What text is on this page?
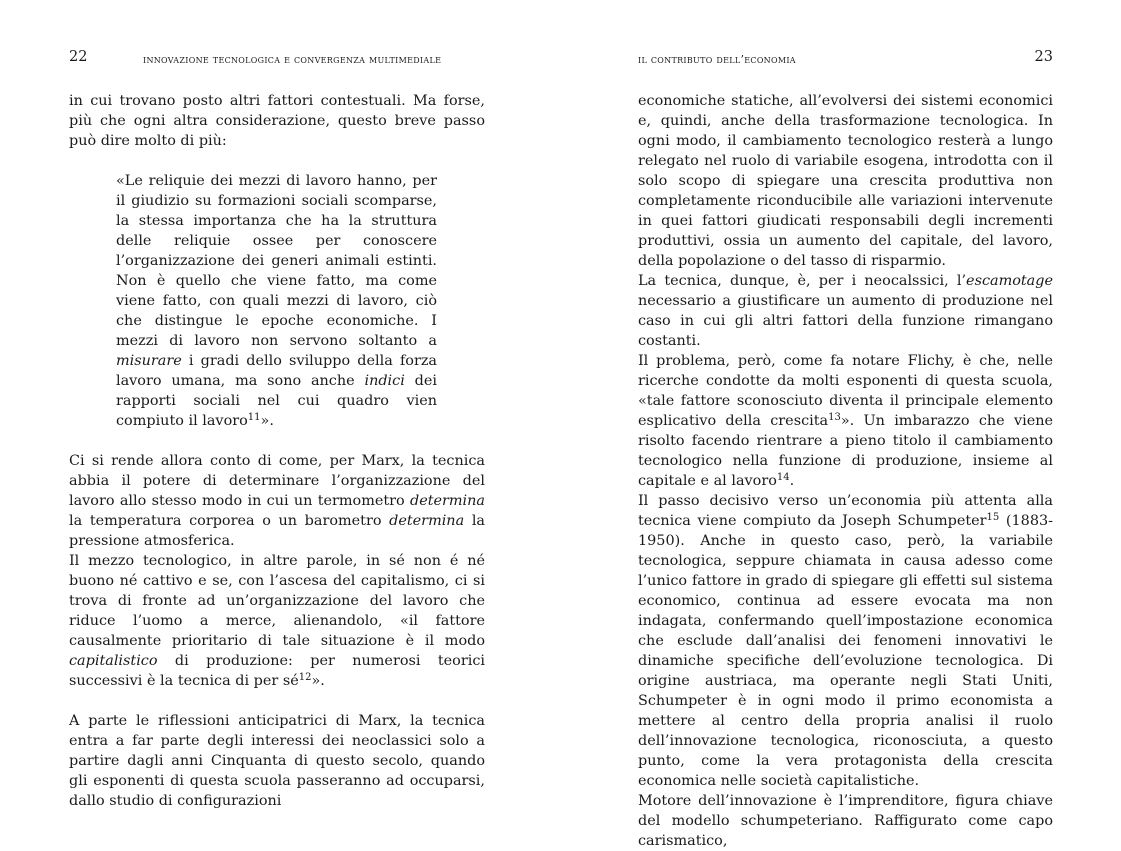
22	innovazione tecnologica e convergenza multimediale

in cui trovano posto altri fattori contestuali. Ma forse, più che ogni altra considerazione, questo breve passo può dire molto di più:

«Le reliquie dei mezzi di lavoro hanno, per il giudizio su formazioni sociali scomparse, la stessa importanza che ha la struttura delle reliquie ossee per conoscere l’organizzazione dei generi animali estinti. Non è quello che viene fatto, ma come viene fatto, con quali mezzi di lavoro, ciò che distingue le epoche economiche. I mezzi di lavoro non servono soltanto a misurare i gradi dello sviluppo della forza lavoro umana, ma sono anche indici dei rapporti sociali nel cui quadro vien compiuto il lavoro$^{11}$».

Ci si rende allora conto di come, per Marx, la tecnica abbia il potere di determinare l’organizzazione del lavoro allo stesso modo in cui un termometro determina la temperatura corporea o un barometro determina la pressione atmosferica.

Il mezzo tecnologico, in altre parole, in sé non é né buono né cattivo e se, con l’ascesa del capitalismo, ci si trova di fronte ad un’organizzazione del lavoro che riduce l’uomo a merce, alienandolo, «il fattore causalmente prioritario di tale situazione è il modo capitalistico di produzione: per numerosi teorici successivi è la tecnica di per $sé^{12}$».

A parte le riflessioni anticipatrici di Marx, la tecnica entra a far parte degli interessi dei neoclassici solo a partire dagli anni Cinquanta di questo secolo, quando gli esponenti di questa scuola passeranno ad occuparsi, dallo studio di configurazioni

il contributo dell’economia	23

economiche statiche, all’evolversi dei sistemi economici e, quindi, anche della trasformazione tecnologica. In ogni modo, il cambiamento tecnologico resterà a lungo relegato nel ruolo di variabile esogena, introdotta con il solo scopo di spiegare una crescita produttiva non completamente riconducibile alle variazioni intervenute in quei fattori giudicati responsabili degli incrementi produttivi, ossia un aumento del capitale, del lavoro, della popolazione o del tasso di risparmio.

La tecnica, dunque, è, per i neocalssici, l’escamotage necessario a giustificare un aumento di produzione nel caso in cui gli altri fattori della funzione rimangano costanti.

Il problema, però, come fa notare Flichy, è che, nelle ricerche condotte da molti esponenti di questa scuola, «tale fattore sconosciuto diventa il principale elemento esplicativo della crescita$^{13}$». Un imbarazzo che viene risolto facendo rientrare a pieno titolo il cambiamento tecnologico nella funzione di produzione, insieme al capitale e al lavoro$^{14}$.

Il passo decisivo verso un’economia più attenta alla tecnica viene compiuto da Joseph Schumpeter$^{15}$ (1883-1950). Anche in questo caso, però, la variabile tecnologica, seppure chiamata in causa adesso come l’unico fattore in grado di spiegare gli effetti sul sistema economico, continua ad essere evocata ma non indagata, confermando quell’impostazione economica che esclude dall’analisi dei fenomeni innovativi le dinamiche specifiche dell’evoluzione tecnologica. Di origine austriaca, ma operante negli Stati Uniti, Schumpeter è in ogni modo il primo economista a mettere al centro della propria analisi il ruolo dell’innovazione tecnologica, riconosciuta, a questo punto, come la vera protagonista della crescita economica nelle società capitalistiche.

Motore dell’innovazione è l’imprenditore, figura chiave del modello schumpeteriano. Raffigurato come capo carismatico,
